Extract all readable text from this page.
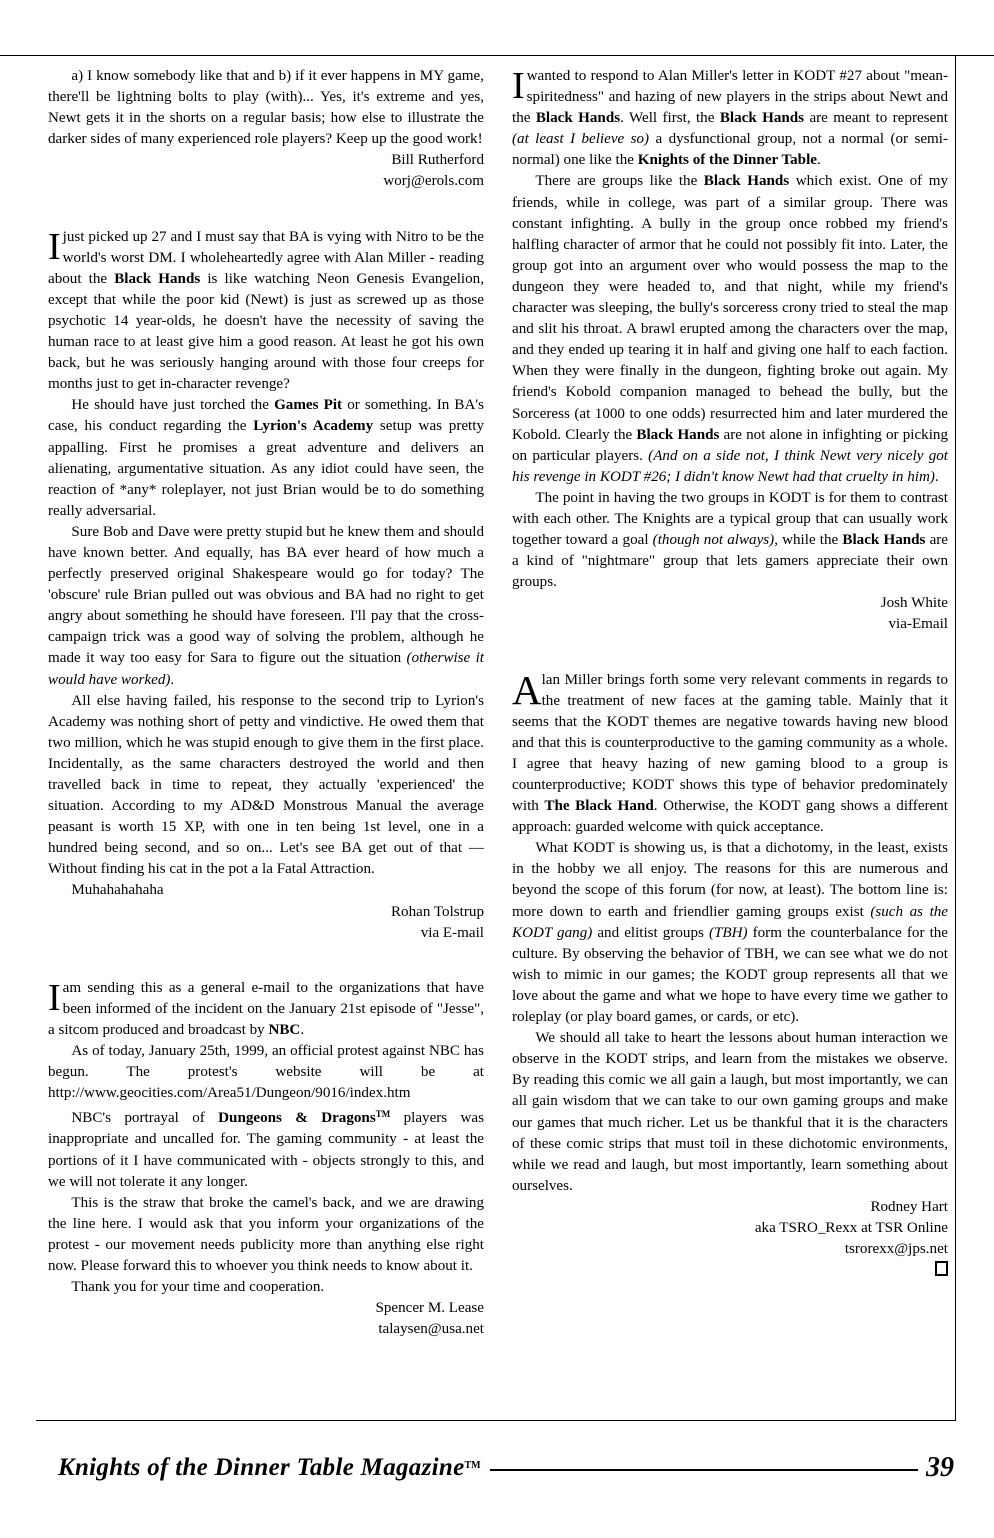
a) I know somebody like that and b) if it ever happens in MY game, there'll be lightning bolts to play (with)... Yes, it's extreme and yes, Newt gets it in the shorts on a regular basis; how else to illustrate the darker sides of many experienced role players? Keep up the good work!

Bill Rutherford

worj@erols.com

I just picked up 27 and I must say that BA is vying with Nitro to be the world's worst DM. I wholeheartedly agree with Alan Miller - reading about the Black Hands is like watching Neon Genesis Evangelion, except that while the poor kid (Newt) is just as screwed up as those psychotic 14 year-olds, he doesn't have the necessity of saving the human race to at least give him a good reason. At least he got his own back, but he was seriously hanging around with those four creeps for months just to get in-character revenge?

He should have just torched the Games Pit or something. In BA's case, his conduct regarding the Lyrion's Academy setup was pretty appalling. First he promises a great adventure and delivers an alienating, argumentative situation. As any idiot could have seen, the reaction of *any* roleplayer, not just Brian would be to do something really adversarial.

Sure Bob and Dave were pretty stupid but he knew them and should have known better. And equally, has BA ever heard of how much a perfectly preserved original Shakespeare would go for today? The 'obscure' rule Brian pulled out was obvious and BA had no right to get angry about something he should have foreseen. I'll pay that the cross-campaign trick was a good way of solving the problem, although he made it way too easy for Sara to figure out the situation (otherwise it would have worked).

All else having failed, his response to the second trip to Lyrion's Academy was nothing short of petty and vindictive. He owed them that two million, which he was stupid enough to give them in the first place. Incidentally, as the same characters destroyed the world and then travelled back in time to repeat, they actually 'experienced' the situation. According to my AD&D Monstrous Manual the average peasant is worth 15 XP, with one in ten being 1st level, one in a hundred being second, and so on... Let's see BA get out of that — Without finding his cat in the pot a la Fatal Attraction.

Muhahahahaha

Rohan Tolstrup

via E-mail

I am sending this as a general e-mail to the organizations that have been informed of the incident on the January 21st episode of "Jesse", a sitcom produced and broadcast by NBC.

As of today, January 25th, 1999, an official protest against NBC has begun. The protest's website will be at http://www.geocities.com/Area51/Dungeon/9016/index.htm

NBC's portrayal of Dungeons & Dragons™ players was inappropriate and uncalled for. The gaming community - at least the portions of it I have communicated with - objects strongly to this, and we will not tolerate it any longer.

This is the straw that broke the camel's back, and we are drawing the line here. I would ask that you inform your organizations of the protest - our movement needs publicity more than anything else right now. Please forward this to whoever you think needs to know about it.

Thank you for your time and cooperation.

Spencer M. Lease

talaysen@usa.net

I wanted to respond to Alan Miller's letter in KODT #27 about "mean-spiritedness" and hazing of new players in the strips about Newt and the Black Hands. Well first, the Black Hands are meant to represent (at least I believe so) a dysfunctional group, not a normal (or semi-normal) one like the Knights of the Dinner Table.

There are groups like the Black Hands which exist. One of my friends, while in college, was part of a similar group. There was constant infighting. A bully in the group once robbed my friend's halfling character of armor that he could not possibly fit into. Later, the group got into an argument over who would possess the map to the dungeon they were headed to, and that night, while my friend's character was sleeping, the bully's sorceress crony tried to steal the map and slit his throat. A brawl erupted among the characters over the map, and they ended up tearing it in half and giving one half to each faction. When they were finally in the dungeon, fighting broke out again. My friend's Kobold companion managed to behead the bully, but the Sorceress (at 1000 to one odds) resurrected him and later murdered the Kobold. Clearly the Black Hands are not alone in infighting or picking on particular players. (And on a side not, I think Newt very nicely got his revenge in KODT #26; I didn't know Newt had that cruelty in him).

The point in having the two groups in KODT is for them to contrast with each other. The Knights are a typical group that can usually work together toward a goal (though not always), while the Black Hands are a kind of "nightmare" group that lets gamers appreciate their own groups.

Josh White

via-Email

Alan Miller brings forth some very relevant comments in regards to the treatment of new faces at the gaming table. Mainly that it seems that the KODT themes are negative towards having new blood and that this is counterproductive to the gaming community as a whole. I agree that heavy hazing of new gaming blood to a group is counterproductive; KODT shows this type of behavior predominately with The Black Hand. Otherwise, the KODT gang shows a different approach: guarded welcome with quick acceptance.

What KODT is showing us, is that a dichotomy, in the least, exists in the hobby we all enjoy. The reasons for this are numerous and beyond the scope of this forum (for now, at least). The bottom line is: more down to earth and friendlier gaming groups exist (such as the KODT gang) and elitist groups (TBH) form the counterbalance for the culture. By observing the behavior of TBH, we can see what we do not wish to mimic in our games; the KODT group represents all that we love about the game and what we hope to have every time we gather to roleplay (or play board games, or cards, or etc).

We should all take to heart the lessons about human interaction we observe in the KODT strips, and learn from the mistakes we observe. By reading this comic we all gain a laugh, but most importantly, we can all gain wisdom that we can take to our own gaming groups and make our games that much richer. Let us be thankful that it is the characters of these comic strips that must toil in these dichotomic environments, while we read and laugh, but most importantly, learn something about ourselves.

Rodney Hart

aka TSRO_Rexx at TSR Online

tsrorexx@jps.net

Knights of the Dinner Table Magazine™	39
